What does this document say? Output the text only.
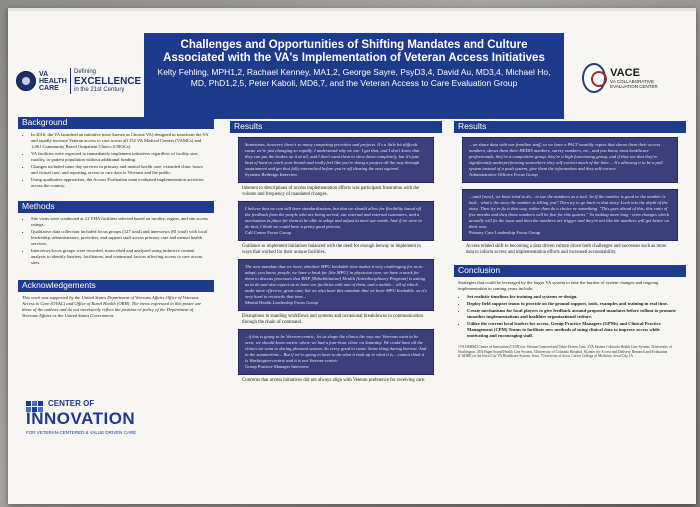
VA HEALTH CARE
Defining
EXCELLENCE
in the 21st Century
Challenges and Opportunities of Shifting Mandates and Culture Associated with the VA's Implementation of Veteran Access Initiatives
Kelty Fehling, MPH1,2, Rachael Kenney, MA1,2, George Sayre, PsyD3,4, David Au, MD3,4, Michael Ho, MD, PhD1,2,5, Peter Kaboli, MD6,7, and the Veteran Access to Care Evaluation Group
VACE
VA COLLABORATIVE EVALUATION CENTER
Background
• In 2016, the VA launched an initiative (now known as Choose VA) designed to transform the VA and rapidly increase Veteran access to care across all 152 VA Medical Centers (VAMCs) and 1,061 Community Based Outpatient Clinics (CBOCs).
• VA facilities were expected to immediately implement initiatives regardless of facility size, rurality, or patient population without additional funding.
• Changes included same day services in primary and mental health care, extended clinic hours and virtual care, and reporting access to care data to Veterans and the public.
• Using qualitative approaches, the Access Evaluation team evaluated implementation activities across the country.
Methods
• Site visits were conducted at 21 VHA facilities selected based on rurality, region, and site access ratings.
• Qualitative data collection included focus groups (127 total) and interviews (81 total) with local leadership, administrators, providers, and support staff across primary care and mental health services.
• Interviews/focus groups were recorded, transcribed and analyzed using inductive content analysis to identify barriers, facilitators, and contextual factors affecting access to care across sites.
Acknowledgements
This work was supported by the United States Department of Veterans Affairs Office of Veterans Access to Care (OVAC) and Office of Rural Health (ORH). The views expressed in this poster are those of the authors and do not necessarily reflect the position or policy of the Department of Veterans Affairs or the United States Government.
CENTER OF
INNOVATION
FOR VETERAN-CENTERED & VALUE DRIVEN CARE
Results
Sometimes, however, there's so many competing priorities and projects. It's a little bit difficult cause we're just changing so rapidly. I understand why we are. I get that, and I don't know that they can put the brakes on it at all, and I don't want them to slow down completely, but it's just kind of hard to catch your breath and really feel like you're doing a project all the way through sustainment and get that fully entrenched before you're off chasing the next squirrel.
Systems Redesign Interview
Inherent to descriptions of access implementation efforts was participant frustration with the volume and frequency of mandated changes.
I believe that we can still have standardization, but that we should allow for flexibility based off the feedback from the people who are being served, our internal and external customers, and a mechanism in place for them to be able to adopt and adjust to meet our needs. And if we were to do that, I think we could have a pretty good process.
Call Center Focus Group
Guidance to implement initiatives balanced with the need for enough leeway to implement in ways that worked for their unique facilities.
The new mandate that we have, absolute MPG bookable time makes it very challenging for us to adapt; you know, people, we have a book for [the MPG] in physician care, we have a mock for them to discuss processes that RHP [Rehabilitation] Health [Interdisciplinary Program] is asking us to do and also expect us to have our facilities with one of them, and a mobile... all of which make more effective, great care, but we also have this mandate that we have MPG bookable, so it's very hard to reconcile that time...
Mental Health Leadership Focus Group
Disruptions to standing workflows and systems and occasional breakdowns in communication through the chain of command.
...if this is going to be Veteran-centric, let us shape the clinics the way our Veterans want to be seen; we should know metric where we had a four-hour clinic on Saturday. We could have all the clinics we want to during pleasant season. So every good to come. Same thing during harvest. And in the summertime... But if we're going to have to do what it ends up to what it is... cannot think it is Washington-centric and it is not Veteran-centric.
Group Practice Manager Interview
Concerns that access initiatives did not always align with Veteran preference for receiving care.
Results
...we share data with our frontline staff, so we have a PACT monthly report that shows them their access numbers, shows them their HEDIS numbers, survey numbers, etc., and you know, most healthcare professionals, they're a competitive group, they're a high functioning group, and if they see that they're significantly underperforming somewhere they self-correct much of the time.... It's allowing it to be a pull system instead of a push system, give them the information and they self-correct.
Administrative Officers Focus Group
...until [now], we have tried to do... to use the numbers as a tool. So if the number is good or the number is bad... what's the story the number is telling you? Then try to go back to that story. Look into the depth of the story. Then try to fix it that way, rather than do a choice or something. "This goes ahead of this, this ratio of five months and then those numbers will be fine for this quarter." So making more long - term changes which actually will fix the issue and then the numbers are trigger and they're not like the numbers will get better on their own.
Primary Care Leadership Focus Group
Access related shift to becoming a data driven culture drove both challenges and successes such as more data to inform access and implementation efforts and increased accountability.
Conclusion
Strategies that could be leveraged by the larger VA system to ease the burden of system changes and ongoing implementation in coming years include:
• Set realistic timelines for training and systems re-design.
• Deploy field support teams to provide on the ground support, tools, examples and training in real time.
• Create mechanisms for local players to give feedback around proposed mandates before rollout to promote smoother implementations and healthier organizational culture.
• Utilize the current local leaders for access, Group Practice Managers (GPMs) and Clinical Practice Management (CPM) Teams to facilitate new methods of using clinical data to improve access while motivating and encouraging staff.
1VA HSR&D Center of Innovation (COIN) for Veteran-Centered and Value-Driven Care, 2VA Eastern Colorado Health Care System, 3University of Washington, 4VA Puget Sound Health Care System, 5University of Colorado Hospital, 6Center for Access and Delivery Research and Evaluation (CADRE) at the Iowa City VA Healthcare System, Iowa, 7University of Iowa, Carver College of Medicine, Iowa City, IA
